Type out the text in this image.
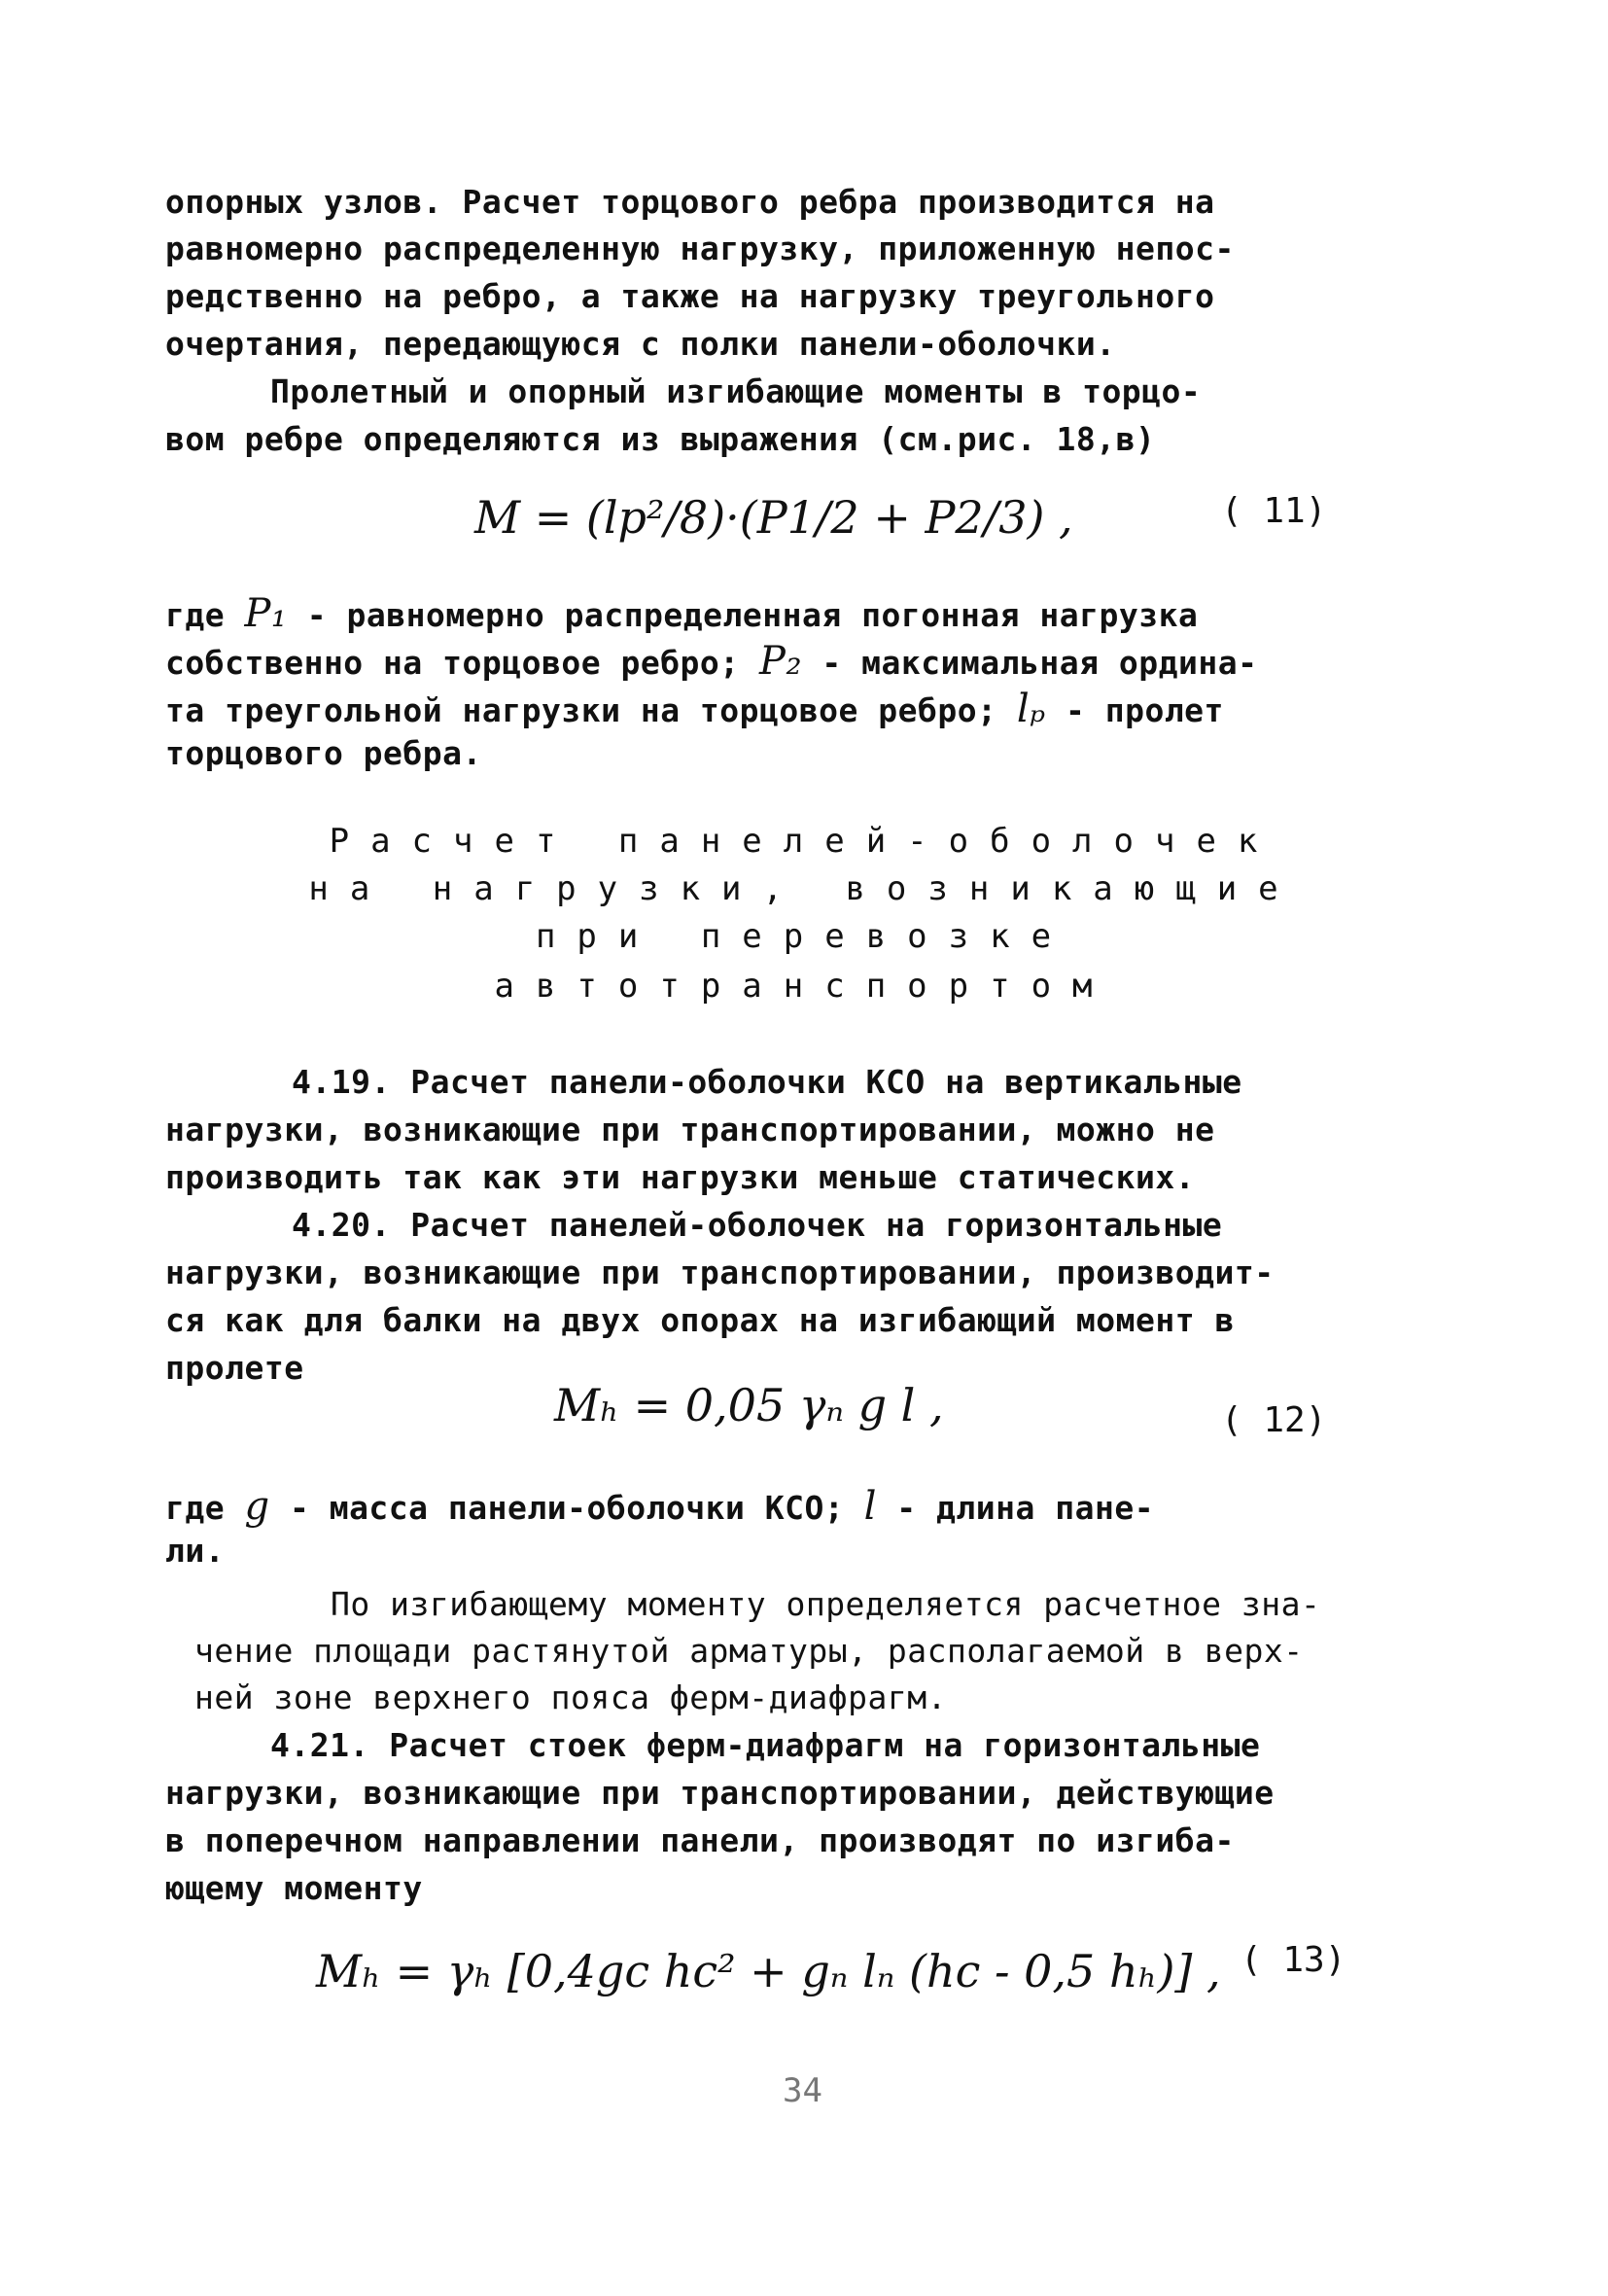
опорных узлов. Расчет торцового ребра производится на
равномерно распределенную нагрузку, приложенную непос-
редственно на ребро, а также на нагрузку треугольного
очертания, передающуюся с полки панели-оболочки.
Пролетный и опорный изгибающие моменты в торцо-
вом ребре определяются из выражения (см.рис. 18,в)
M = (lp²/8)·(P1/2 + P2/3) ,	( 11)
где P₁ - равномерно распределенная погонная нагрузка
собственно на торцовое ребро; P₂ - максимальная ордина-
та треугольной нагрузки на торцовое ребро; lₚ - пролет
торцового ребра.
Расчет панелей-оболочек
на нагрузки, возникающие
при перевозке
автотранспортом
4.19. Расчет панели-оболочки КСО на вертикальные
нагрузки, возникающие при транспортировании, можно не
производить так как эти нагрузки меньше статических.
4.20. Расчет панелей-оболочек на горизонтальные
нагрузки, возникающие при транспортировании, производит-
ся как для балки на двух опорах на изгибающий момент в
пролете
Mₕ = 0,05 γₙ g l ,	( 12)
где g - масса панели-оболочки КСО; l - длина пане-
ли.
По изгибающему моменту определяется расчетное зна-
чение площади растянутой арматуры, располагаемой в верх-
ней зоне верхнего пояса ферм-диафрагм.
4.21. Расчет стоек ферм-диафрагм на горизонтальные
нагрузки, возникающие при транспортировании, действующие
в поперечном направлении панели, производят по изгиба-
ющему моменту
Mₕ = γₕ [0,4gc hc² + gₙ lₙ (hc - 0,5 hₕ)] , ( 13)
34
